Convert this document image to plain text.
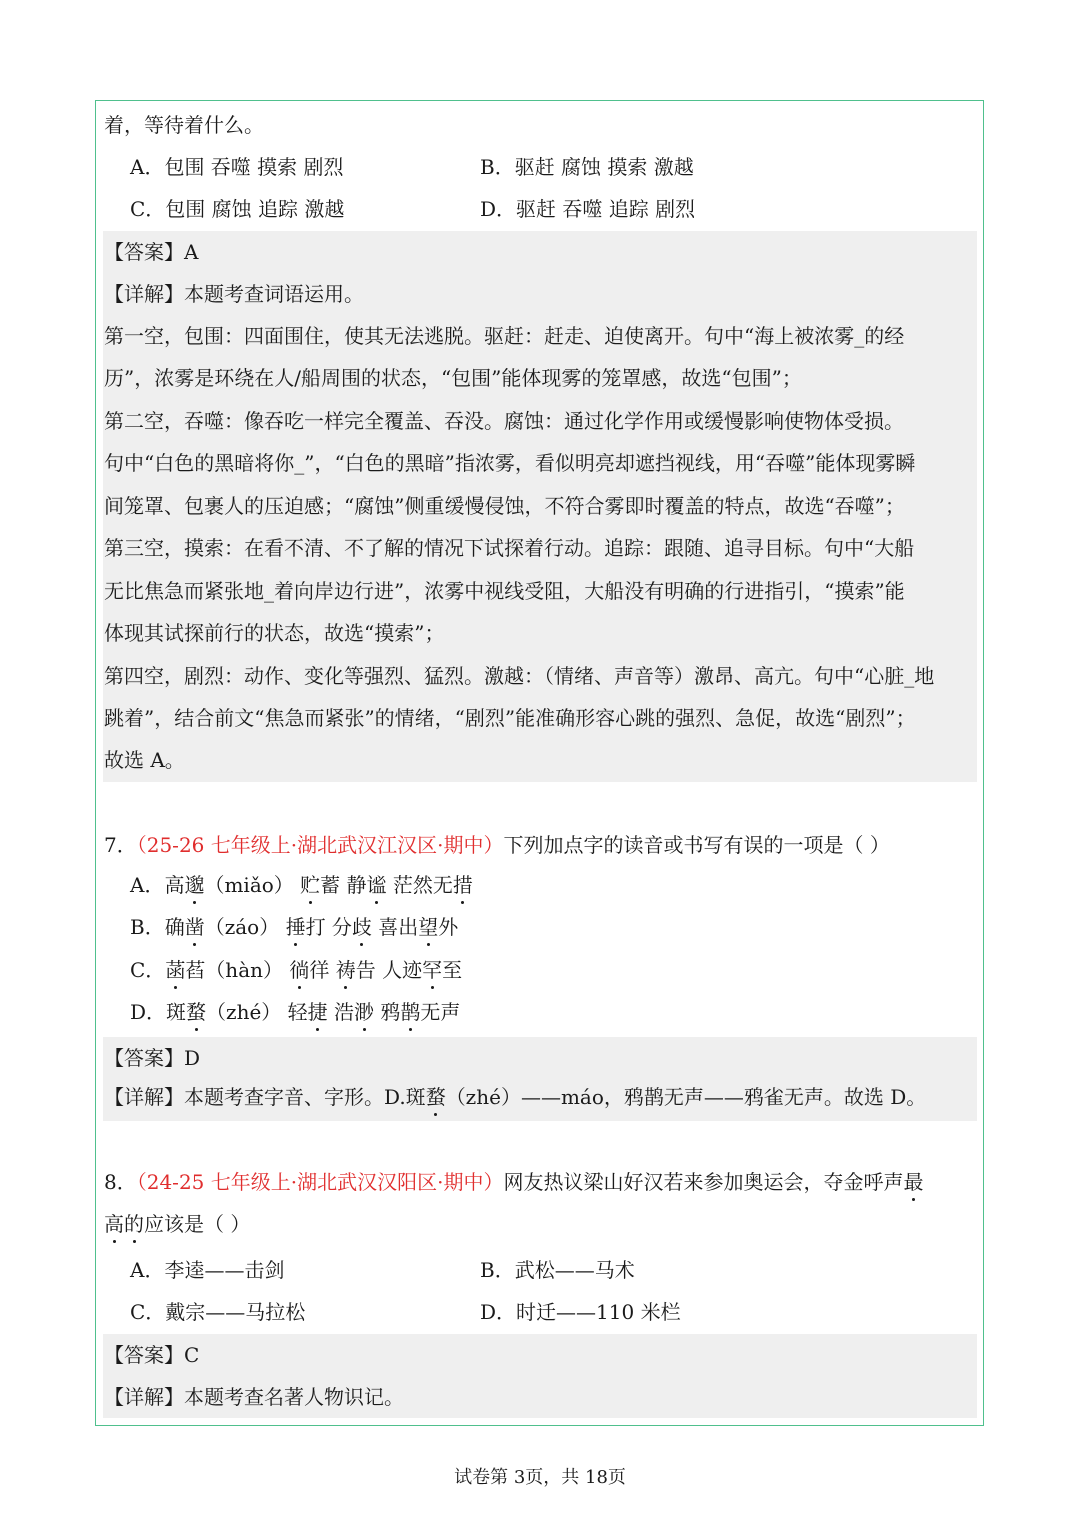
着，等待着什么。
A．包围 吞噬 摸索 剧烈	B．驱赶 腐蚀 摸索 激越
C．包围 腐蚀 追踪 激越	D．驱赶 吞噬 追踪 剧烈
【答案】A
【详解】本题考查词语运用。
第一空，包围：四面围住，使其无法逃脱。驱赶：赶走、迫使离开。句中“海上被浓雾_的经
历”，浓雾是环绕在人/船周围的状态，“包围”能体现雾的笼罩感，故选“包围”；
第二空，吞噬：像吞吃一样完全覆盖、吞没。腐蚀：通过化学作用或缓慢影响使物体受损。
句中“白色的黑暗将你_”，“白色的黑暗”指浓雾，看似明亮却遮挡视线，用“吞噬”能体现雾瞬
间笼罩、包裹人的压迫感；“腐蚀”侧重缓慢侵蚀，不符合雾即时覆盖的特点，故选“吞噬”；
第三空，摸索：在看不清、不了解的情况下试探着行动。追踪：跟随、追寻目标。句中“大船
无比焦急而紧张地_着向岸边行进”，浓雾中视线受阻，大船没有明确的行进指引，“摸索”能
体现其试探前行的状态，故选“摸索”；
第四空，剧烈：动作、变化等强烈、猛烈。激越：（情绪、声音等）激昂、高亢。句中“心脏_地
跳着”，结合前文“焦急而紧张”的情绪，“剧烈”能准确形容心跳的强烈、急促，故选“剧烈”；
故选 A。
7．（25-26 七年级上·湖北武汉江汉区·期中）下列加点字的读音或书写有误的一项是（ ）
A．高邈（miǎo） 贮蓄 静谧 茫然无措
B．确凿（záo） 捶打 分歧 喜出望外
C．菡萏（hàn） 徜徉 祷告 人迹罕至
D．斑蝥（zhé） 轻捷 浩渺 鸦鹊无声
【答案】D
【详解】本题考查字音、字形。D.斑蝥（zhé）——máo，鸦鹊无声——鸦雀无声。故选 D。
8．（24-25 七年级上·湖北武汉汉阳区·期中）网友热议梁山好汉若来参加奥运会，夺金呼声最
高的应该是（ ）
A．李逵——击剑	B．武松——马术
C．戴宗——马拉松	D．时迁——110 米栏
【答案】C
【详解】本题考查名著人物识记。
试卷第 3页，共 18页
